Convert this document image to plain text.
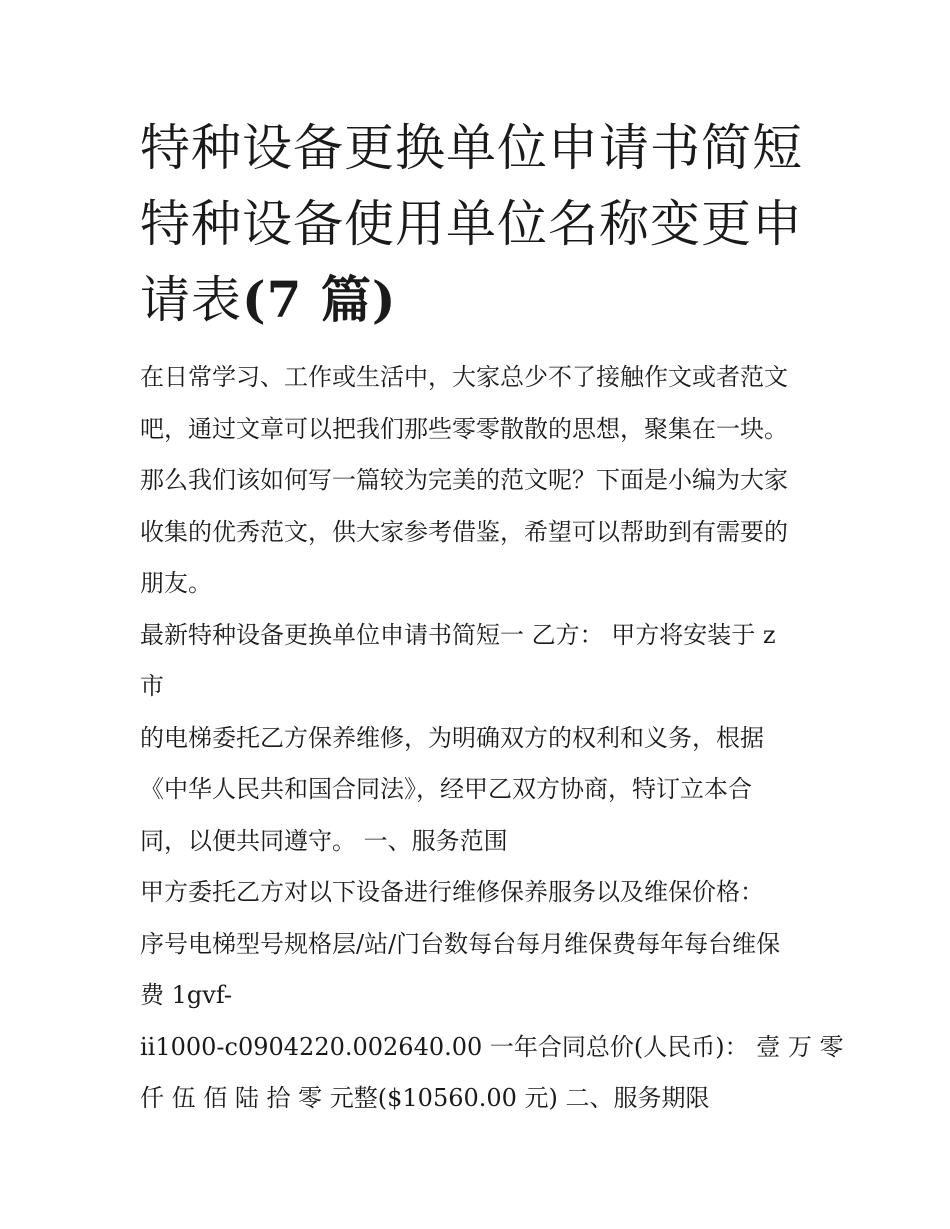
特种设备更换单位申请书简短
特种设备使用单位名称变更申
请表(7 篇)
在日常学习、工作或生活中，大家总少不了接触作文或者范文
吧，通过文章可以把我们那些零零散散的思想，聚集在一块。
那么我们该如何写一篇较为完美的范文呢？下面是小编为大家
收集的优秀范文，供大家参考借鉴，希望可以帮助到有需要的
朋友。
最新特种设备更换单位申请书简短一 乙方： 甲方将安装于 z
市
的电梯委托乙方保养维修，为明确双方的权利和义务，根据
《中华人民共和国合同法》，经甲乙双方协商，特订立本合
同，以便共同遵守。 一、服务范围
甲方委托乙方对以下设备进行维修保养服务以及维保价格：
序号电梯型号规格层/站/门台数每台每月维保费每年每台维保
费 1gvf-
ii1000-c0904220.002640.00 一年合同总价(人民币)： 壹 万 零
仟 伍 佰 陆 拾 零 元整($10560.00 元) 二、服务期限
